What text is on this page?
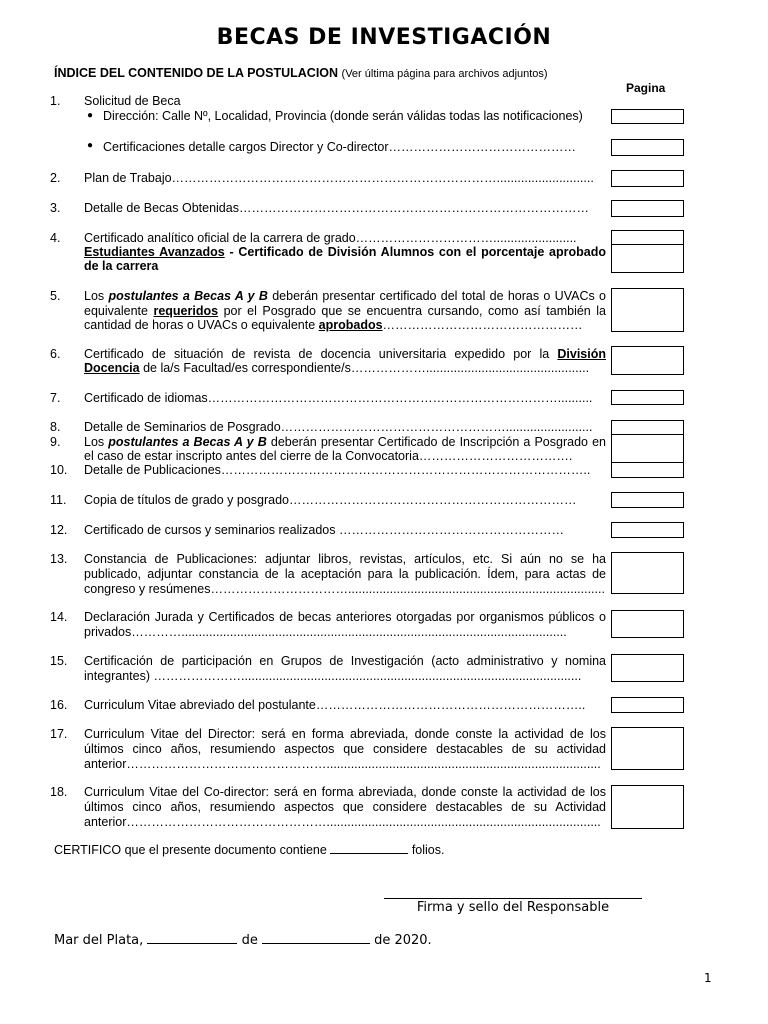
BECAS DE INVESTIGACIÓN
ÍNDICE DEL CONTENIDO DE LA POSTULACION (Ver última página para archivos adjuntos)
Pagina
1. Solicitud de Beca
● Dirección: Calle Nº, Localidad, Provincia (donde serán válidas todas las notificaciones)
● Certificaciones detalle cargos Director y Co-director………………………………………
2. Plan de Trabajo……………………………………………………………………............................
3. Detalle de Becas Obtenidas…………………………………………………………………………
4. Certificado analítico oficial de la carrera de grado……………………………........................
Estudiantes Avanzados - Certificado de División Alumnos con el porcentaje aprobado de la carrera
5. Los postulantes a Becas A y B deberán presentar certificado del total de horas o UVACs o equivalente requeridos por el Posgrado que se encuentra cursando, como así también la cantidad de horas o UVACs o equivalente aprobados…………………………………………
6. Certificado de situación de revista de docencia universitaria expedido por la División Docencia de la/s Facultad/es correspondiente/s………………...............................................
7. Certificado de idiomas…………………………………………………………………………..........
8. Detalle de Seminarios de Posgrado……………………………………………….........................
9. Los postulantes a Becas A y B deberán presentar Certificado de Inscripción a Posgrado en el caso de estar inscripto antes del cierre de la Convocatoria……………………………….
10. Detalle de Publicaciones……………………………………………………………………………..
11. Copia de títulos de grado y posgrado……………………………………………………………
12. Certificado de cursos y seminarios realizados ………………………………………………
13. Constancia de Publicaciones: adjuntar libros, revistas, artículos, etc. Si aún no se ha publicado, adjuntar constancia de la aceptación para la publicación. Ídem, para actas de congreso y resúmenes……………………………..........................................................................
14. Declaración Jurada y Certificados de becas anteriores otorgadas por organismos públicos o privados…………...............................................................................................................
15. Certificación de participación en Grupos de Investigación (acto administrativo y nomina integrantes) …………………..................................................................................................
16. Curriculum Vitae abreviado del postulante………………………………………………………..
17. Curriculum Vitae del Director: será en forma abreviada, donde conste la actividad de los últimos cinco años, resumiendo aspectos que considere destacables de su actividad anterior…………………………………………...............................................................................
18. Curriculum Vitae del Co-director: será en forma abreviada, donde conste la actividad de los últimos cinco años, resumiendo aspectos que considere destacables de su Actividad anterior…………………………………………...............................................................................
CERTIFICO que el presente documento contiene	folios.
Firma y sello del Responsable
Mar del Plata,	de	de 2020.
1
